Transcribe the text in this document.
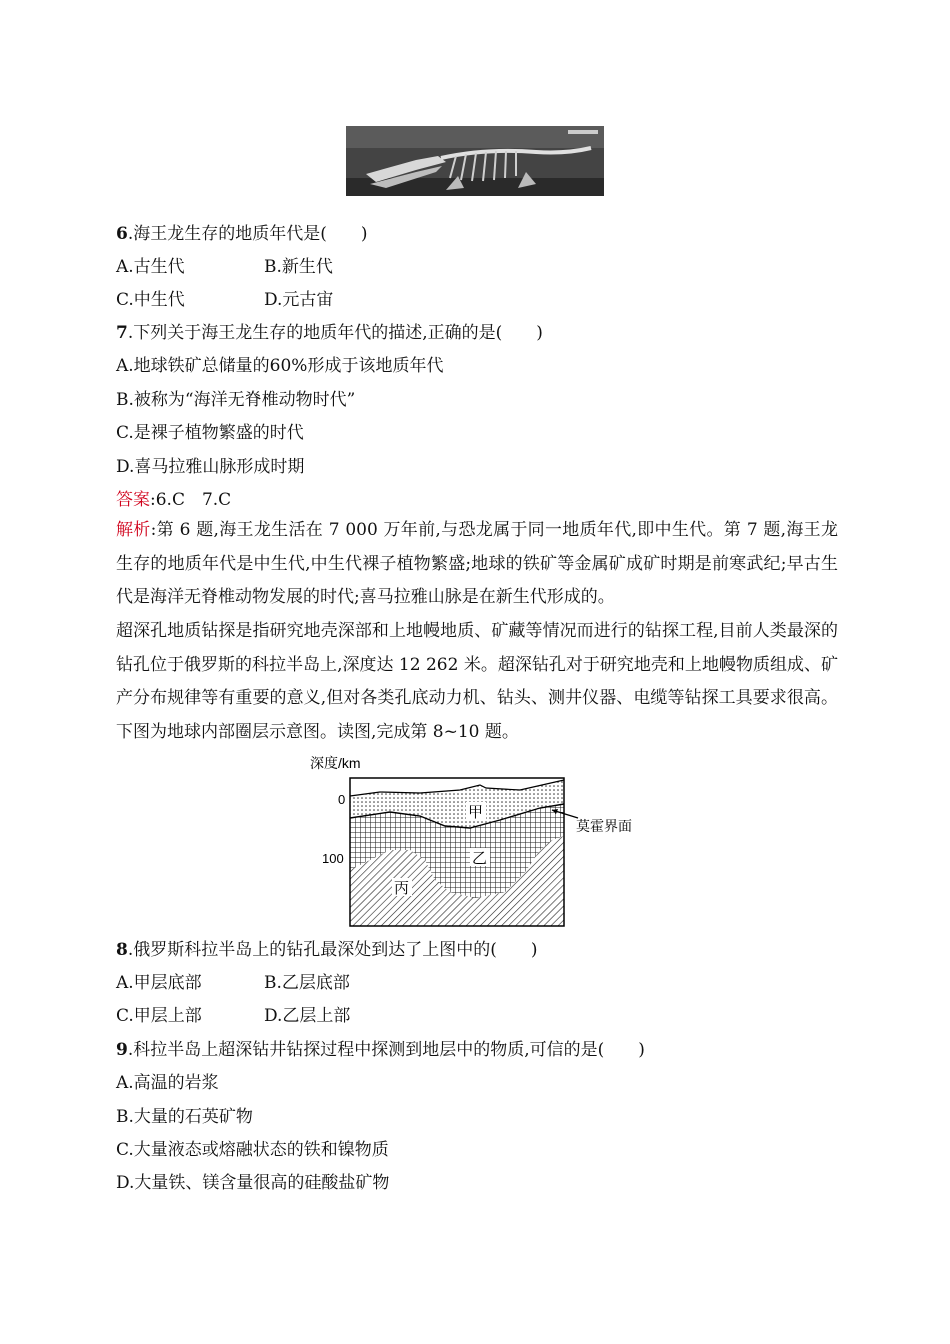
6.海王龙生存的地质年代是(　　)
A.古生代	B.新生代
C.中生代	D.元古宙
7.下列关于海王龙生存的地质年代的描述,正确的是(　　)
A.地球铁矿总储量的60%形成于该地质年代
B.被称为“海洋无脊椎动物时代”
C.是裸子植物繁盛的时代
D.喜马拉雅山脉形成时期
答案:6.C　7.C
解析:第 6 题,海王龙生活在 7 000 万年前,与恐龙属于同一地质年代,即中生代。第 7 题,海王龙生存的地质年代是中生代,中生代裸子植物繁盛;地球的铁矿等金属矿成矿时期是前寒武纪;早古生代是海洋无脊椎动物发展的时代;喜马拉雅山脉是在新生代形成的。
超深孔地质钻探是指研究地壳深部和上地幔地质、矿藏等情况而进行的钻探工程,目前人类最深的钻孔位于俄罗斯的科拉半岛上,深度达 12 262 米。超深钻孔对于研究地壳和上地幔物质组成、矿产分布规律等有重要的意义,但对各类孔底动力机、钻头、测井仪器、电缆等钻探工具要求很高。下图为地球内部圈层示意图。读图,完成第 8~10 题。
深度/km
0
100
甲
乙
丙
莫霍界面
8.俄罗斯科拉半岛上的钻孔最深处到达了上图中的(　　)
A.甲层底部	B.乙层底部
C.甲层上部	D.乙层上部
9.科拉半岛上超深钻井钻探过程中探测到地层中的物质,可信的是(　　)
A.高温的岩浆
B.大量的石英矿物
C.大量液态或熔融状态的铁和镍物质
D.大量铁、镁含量很高的硅酸盐矿物
